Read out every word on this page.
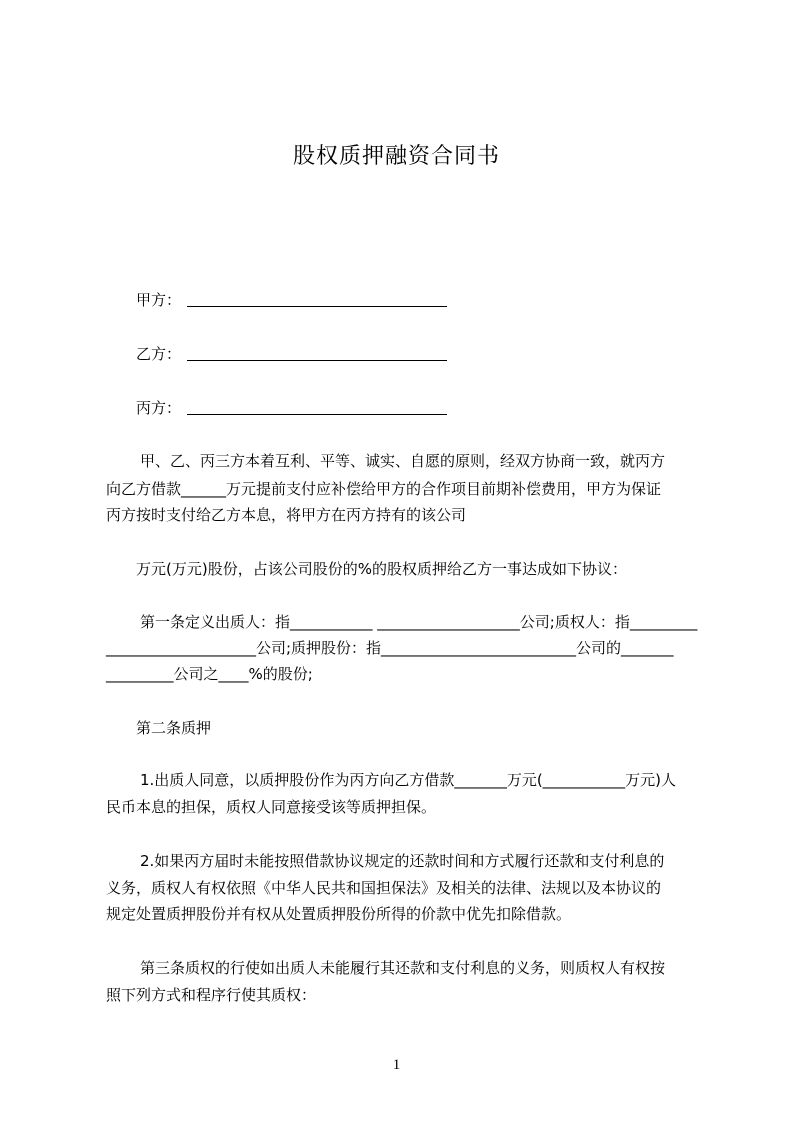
股权质押融资合同书
甲方：
乙方：
丙方：
甲、乙、丙三方本着互利、平等、诚实、自愿的原则，经双方协商一致，就丙方
向乙方借款______万元提前支付应补偿给甲方的合作项目前期补偿费用，甲方为保证
丙方按时支付给乙方本息，将甲方在丙方持有的该公司
万元(万元)股份，占该公司股份的%的股权质押给乙方一事达成如下协议：
第一条定义出质人：指___________ ___________________公司;质权人：指_________
____________________公司;质押股份：指__________________________公司的_______
_________公司之____%的股份;
第二条质押
1.出质人同意，以质押股份作为丙方向乙方借款_______万元(___________万元)人
民币本息的担保，质权人同意接受该等质押担保。
2.如果丙方届时未能按照借款协议规定的还款时间和方式履行还款和支付利息的
义务，质权人有权依照《中华人民共和国担保法》及相关的法律、法规以及本协议的
规定处置质押股份并有权从处置质押股份所得的价款中优先扣除借款。
第三条质权的行使如出质人未能履行其还款和支付利息的义务，则质权人有权按
照下列方式和程序行使其质权：
1
